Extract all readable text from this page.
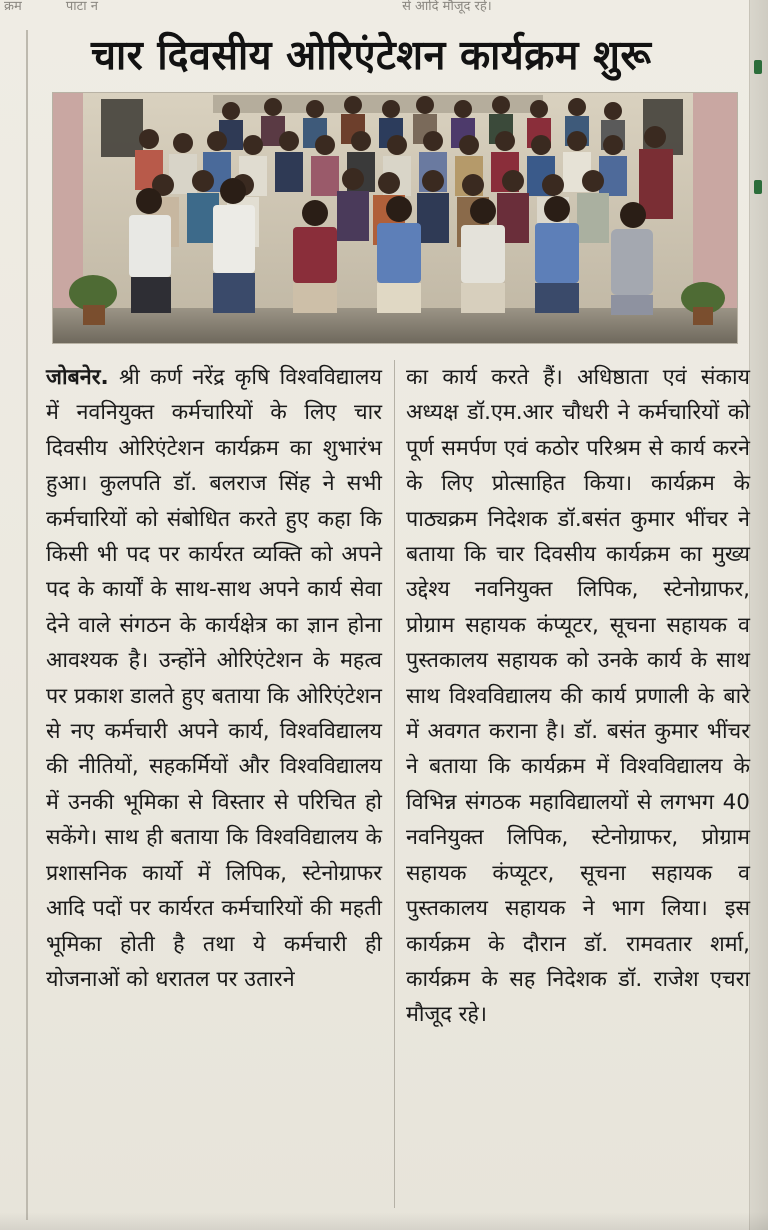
क्रम	पाटा न	से आदि मौजूद रहे।
चार दिवसीय ओरिएंटेशन कार्यक्रम शुरू

जोबनेर. श्री कर्ण नरेंद्र कृषि विश्वविद्यालय में नवनियुक्त कर्मचारियों के लिए चार दिवसीय ओरिएंटेशन कार्यक्रम का शुभारंभ हुआ। कुलपति डॉ. बलराज सिंह ने सभी कर्मचारियों को संबोधित करते हुए कहा कि किसी भी पद पर कार्यरत व्यक्ति को अपने पद के कार्यों के साथ-साथ अपने कार्य सेवा देने वाले संगठन के कार्यक्षेत्र का ज्ञान होना आवश्यक है। उन्होंने ओरिएंटेशन के महत्व पर प्रकाश डालते हुए बताया कि ओरिएंटेशन से नए कर्मचारी अपने कार्य, विश्वविद्यालय की नीतियों, सहकर्मियों और विश्वविद्यालय में उनकी भूमिका से विस्तार से परिचित हो सकेंगे। साथ ही बताया कि विश्वविद्यालय के प्रशासनिक कार्यो में लिपिक, स्टेनोग्राफर आदि पदों पर कार्यरत कर्मचारियों की महती भूमिका होती है तथा ये कर्मचारी ही योजनाओं को धरातल पर उतारने

का कार्य करते हैं। अधिष्ठाता एवं संकाय अध्यक्ष डॉ.एम.आर चौधरी ने कर्मचारियों को पूर्ण समर्पण एवं कठोर परिश्रम से कार्य करने के लिए प्रोत्साहित किया। कार्यक्रम के पाठ्यक्रम निदेशक डॉ.बसंत कुमार भींचर ने बताया कि चार दिवसीय कार्यक्रम का मुख्य उद्देश्य नवनियुक्त लिपिक, स्टेनोग्राफर, प्रोग्राम सहायक कंप्यूटर, सूचना सहायक व पुस्तकालय सहायक को उनके कार्य के साथ साथ विश्वविद्यालय की कार्य प्रणाली के बारे में अवगत कराना है। डॉ. बसंत कुमार भींचर ने बताया कि कार्यक्रम में विश्वविद्यालय के विभिन्न संगठक महाविद्यालयों से लगभग 40 नवनियुक्त लिपिक, स्टेनोग्राफर, प्रोग्राम सहायक कंप्यूटर, सूचना सहायक व पुस्तकालय सहायक ने भाग लिया। इस कार्यक्रम के दौरान डॉ. रामवतार शर्मा, कार्यक्रम के सह निदेशक डॉ. राजेश एचरा मौजूद रहे।
